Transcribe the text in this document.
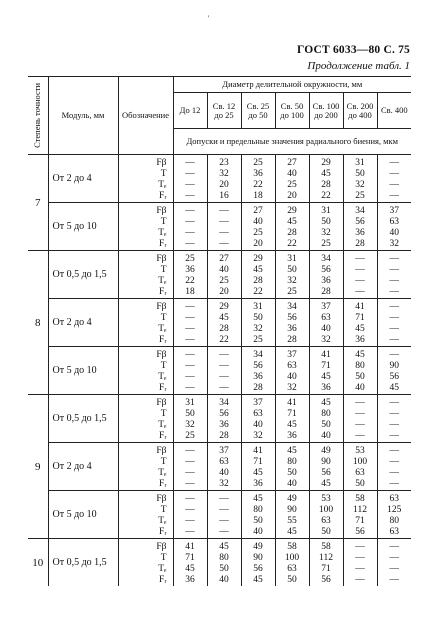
'
ГОСТ 6033—80 С. 75
Продолжение табл. 1
Степень точности	Модуль, мм	Обозначение	Диаметр делительной окружности, мм						
			До 12	Св. 12 до 25	Св. 25 до 50	Св. 50 до 100	Св. 100 до 200	Св. 200 до 400	Св. 400
			Допуски и предельные значения радиального биения, мкм						
7	От 2 до 4								
		Fβ	—	23	25	27	29	31	—
		T	—	32	36	40	45	50	—
		Tₑ	—	20	22	25	28	32	—
		Fᵣ	—	16	18	20	22	25	—
	От 5 до 10								
		Fβ	—	—	27	29	31	34	37
		T	—	—	40	45	50	56	63
		Tₑ	—	—	25	28	32	36	40
		Fᵣ	—	—	20	22	25	28	32
8	От 0,5 до 1,5								
		Fβ	25	27	29	31	34	—	—
		T	36	40	45	50	56	—	—
		Tₑ	22	25	28	32	36	—	—
		Fᵣ	18	20	22	25	28	—	—
	От 2 до 4								
		Fβ	—	29	31	34	37	41	—
		T	—	45	50	56	63	71	—
		Tₑ	—	28	32	36	40	45	—
		Fᵣ	—	22	25	28	32	36	—
	От 5 до 10								
		Fβ	—	—	34	37	41	45	—
		T	—	—	56	63	71	80	90
		Tₑ	—	—	36	40	45	50	56
		Fᵣ	—	—	28	32	36	40	45
9	От 0,5 до 1,5								
		Fβ	31	34	37	41	45	—	—
		T	50	56	63	71	80	—	—
		Tₑ	32	36	40	45	50	—	—
		Fᵣ	25	28	32	36	40	—	—
	От 2 до 4								
		Fβ	—	37	41	45	49	53	—
		T	—	63	71	80	90	100	—
		Tₑ	—	40	45	50	56	63	—
		Fᵣ	—	32	36	40	45	50	—
	От 5 до 10								
		Fβ	—	—	45	49	53	58	63
		T	—	—	80	90	100	112	125
		Tₑ	—	—	50	55	63	71	80
		Fᵣ	—	—	40	45	50	56	63
10	От 0,5 до 1,5								
		Fβ	41	45	49	58	58	—	—
		T	71	80	90	100	112	—	—
		Tₑ	45	50	56	63	71	—	—
		Fᵣ	36	40	45	50	56	—	—
